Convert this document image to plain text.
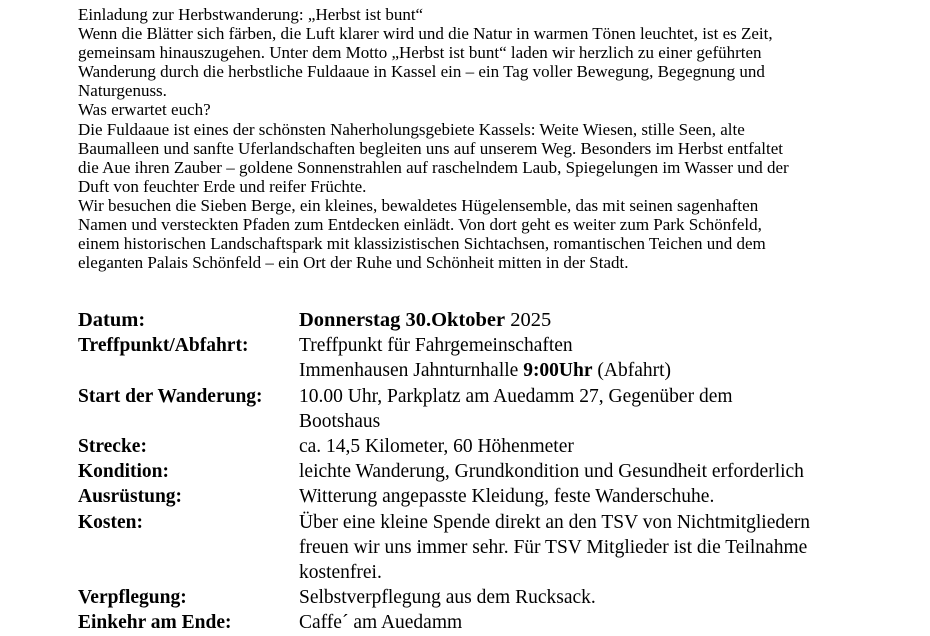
Einladung zur Herbstwanderung: „Herbst ist bunt“

Wenn die Blätter sich färben, die Luft klarer wird und die Natur in warmen Tönen leuchtet, ist es Zeit,

gemeinsam hinauszugehen. Unter dem Motto „Herbst ist bunt“ laden wir herzlich zu einer geführten

Wanderung durch die herbstliche Fuldaaue in Kassel ein – ein Tag voller Bewegung, Begegnung und

Naturgenuss.

Was erwartet euch?

Die Fuldaaue ist eines der schönsten Naherholungsgebiete Kassels: Weite Wiesen, stille Seen, alte

Baumalleen und sanfte Uferlandschaften begleiten uns auf unserem Weg. Besonders im Herbst entfaltet

die Aue ihren Zauber – goldene Sonnenstrahlen auf raschelndem Laub, Spiegelungen im Wasser und der

Duft von feuchter Erde und reifer Früchte.

Wir besuchen die Sieben Berge, ein kleines, bewaldetes Hügelensemble, das mit seinen sagenhaften

Namen und versteckten Pfaden zum Entdecken einlädt. Von dort geht es weiter zum Park Schönfeld,

einem historischen Landschaftspark mit klassizistischen Sichtachsen, romantischen Teichen und dem

eleganten Palais Schönfeld – ein Ort der Ruhe und Schönheit mitten in der Stadt.

Datum:	Donnerstag 30.Oktober 2025
Treffpunkt/Abfahrt:	Treffpunkt für Fahrgemeinschaften
Immenhausen Jahnturnhalle 9:00Uhr (Abfahrt)
Start der Wanderung:	10.00 Uhr, Parkplatz am Auedamm 27, Gegenüber dem
Bootshaus
Strecke:	ca. 14,5 Kilometer, 60 Höhenmeter
Kondition:	leichte Wanderung, Grundkondition und Gesundheit erforderlich
Ausrüstung:	Witterung angepasste Kleidung, feste Wanderschuhe.
Kosten:	Über eine kleine Spende direkt an den TSV von Nichtmitgliedern
freuen wir uns immer sehr. Für TSV Mitglieder ist die Teilnahme
kostenfrei.
Verpflegung:	Selbstverpflegung aus dem Rucksack.
Einkehr am Ende:	Caffe´ am Auedamm
